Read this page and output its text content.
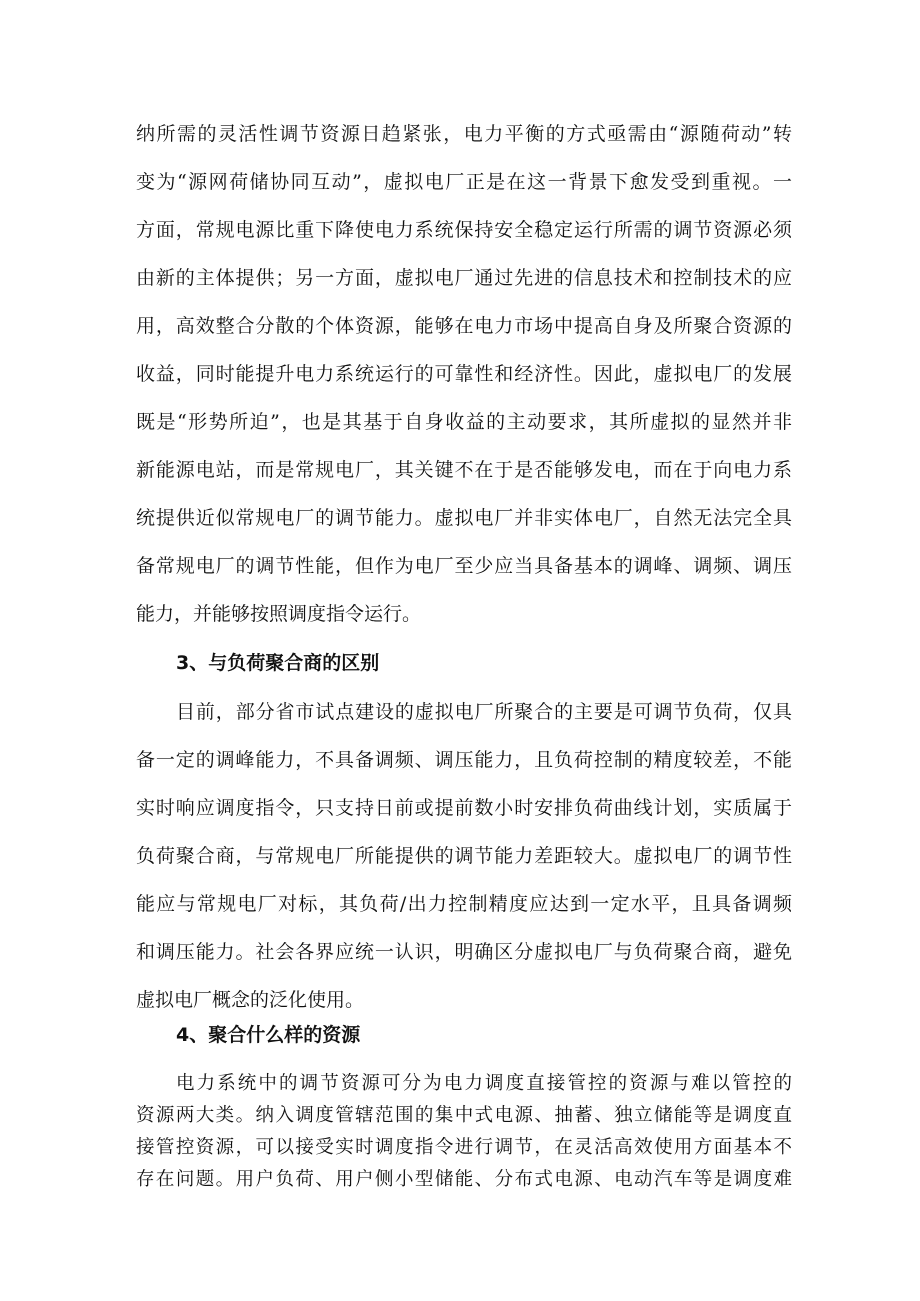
纳所需的灵活性调节资源日趋紧张，电力平衡的方式亟需由“源随荷动”转

变为“源网荷储协同互动”，虚拟电厂正是在这一背景下愈发受到重视。一

方面，常规电源比重下降使电力系统保持安全稳定运行所需的调节资源必须

由新的主体提供；另一方面，虚拟电厂通过先进的信息技术和控制技术的应

用，高效整合分散的个体资源，能够在电力市场中提高自身及所聚合资源的

收益，同时能提升电力系统运行的可靠性和经济性。因此，虚拟电厂的发展

既是“形势所迫”，也是其基于自身收益的主动要求，其所虚拟的显然并非

新能源电站，而是常规电厂，其关键不在于是否能够发电，而在于向电力系

统提供近似常规电厂的调节能力。虚拟电厂并非实体电厂，自然无法完全具

备常规电厂的调节性能，但作为电厂至少应当具备基本的调峰、调频、调压

能力，并能够按照调度指令运行。

3、与负荷聚合商的区别

目前，部分省市试点建设的虚拟电厂所聚合的主要是可调节负荷，仅具

备一定的调峰能力，不具备调频、调压能力，且负荷控制的精度较差，不能

实时响应调度指令，只支持日前或提前数小时安排负荷曲线计划，实质属于

负荷聚合商，与常规电厂所能提供的调节能力差距较大。虚拟电厂的调节性

能应与常规电厂对标，其负荷/出力控制精度应达到一定水平，且具备调频

和调压能力。社会各界应统一认识，明确区分虚拟电厂与负荷聚合商，避免

虚拟电厂概念的泛化使用。

4、聚合什么样的资源

电力系统中的调节资源可分为电力调度直接管控的资源与难以管控的

资源两大类。纳入调度管辖范围的集中式电源、抽蓄、独立储能等是调度直

接管控资源，可以接受实时调度指令进行调节，在灵活高效使用方面基本不

存在问题。用户负荷、用户侧小型储能、分布式电源、电动汽车等是调度难
